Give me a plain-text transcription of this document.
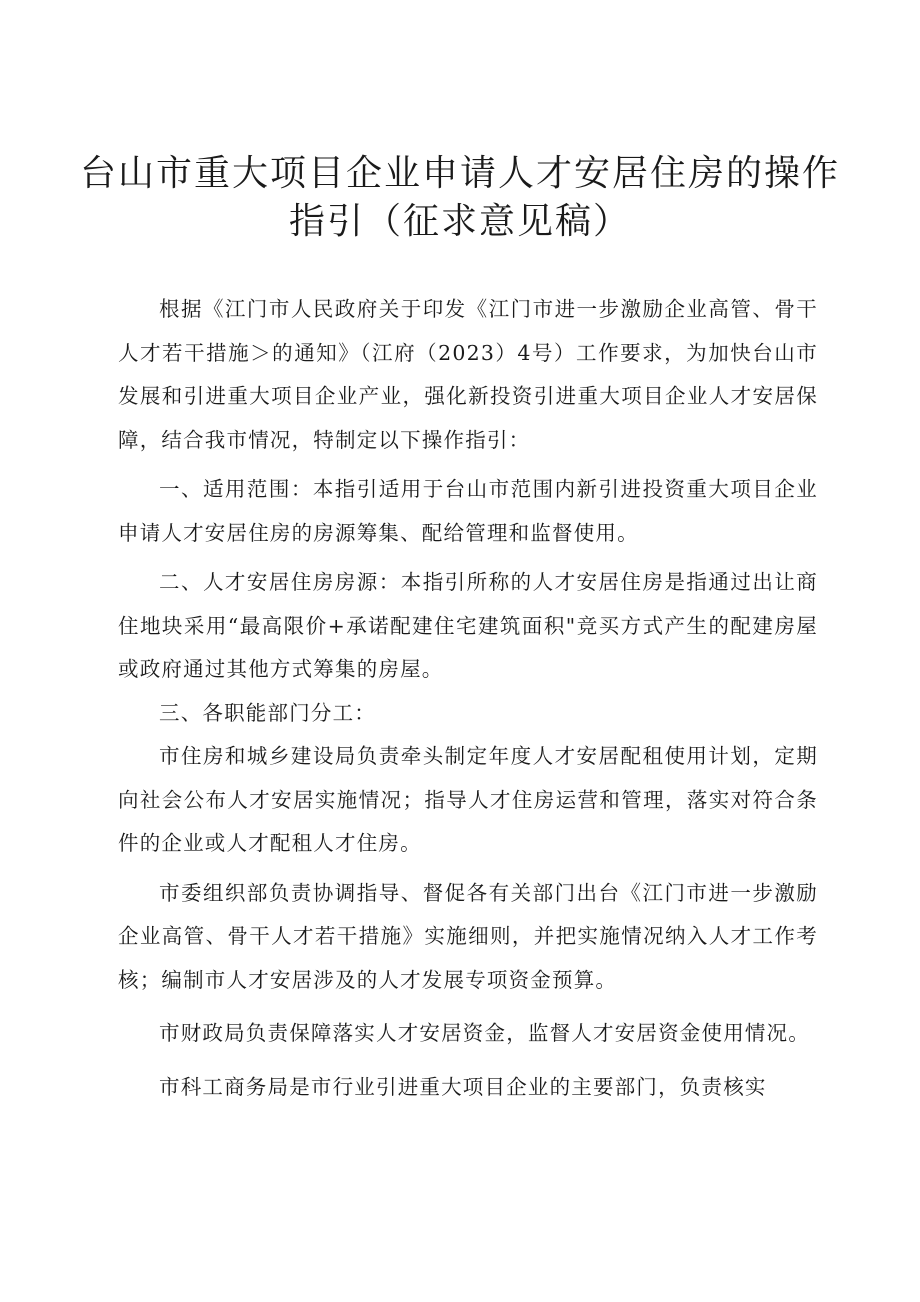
台山市重大项目企业申请人才安居住房的操作
指引（征求意见稿）

根据《江门市人民政府关于印发《江门市进一步激励企业高管、骨干人才若干措施＞的通知》（江府（2023）4号）工作要求，为加快台山市发展和引进重大项目企业产业，强化新投资引进重大项目企业人才安居保障，结合我市情况，特制定以下操作指引：

一、适用范围：本指引适用于台山市范围内新引进投资重大项目企业申请人才安居住房的房源筹集、配给管理和监督使用。

二、人才安居住房房源：本指引所称的人才安居住房是指通过出让商住地块采用“最高限价+承诺配建住宅建筑面积"竞买方式产生的配建房屋或政府通过其他方式筹集的房屋。

三、各职能部门分工：

市住房和城乡建设局负责牵头制定年度人才安居配租使用计划，定期向社会公布人才安居实施情况；指导人才住房运营和管理，落实对符合条件的企业或人才配租人才住房。

市委组织部负责协调指导、督促各有关部门出台《江门市进一步激励企业高管、骨干人才若干措施》实施细则，并把实施情况纳入人才工作考核；编制市人才安居涉及的人才发展专项资金预算。

市财政局负责保障落实人才安居资金，监督人才安居资金使用情况。

市科工商务局是市行业引进重大项目企业的主要部门，负责核实
